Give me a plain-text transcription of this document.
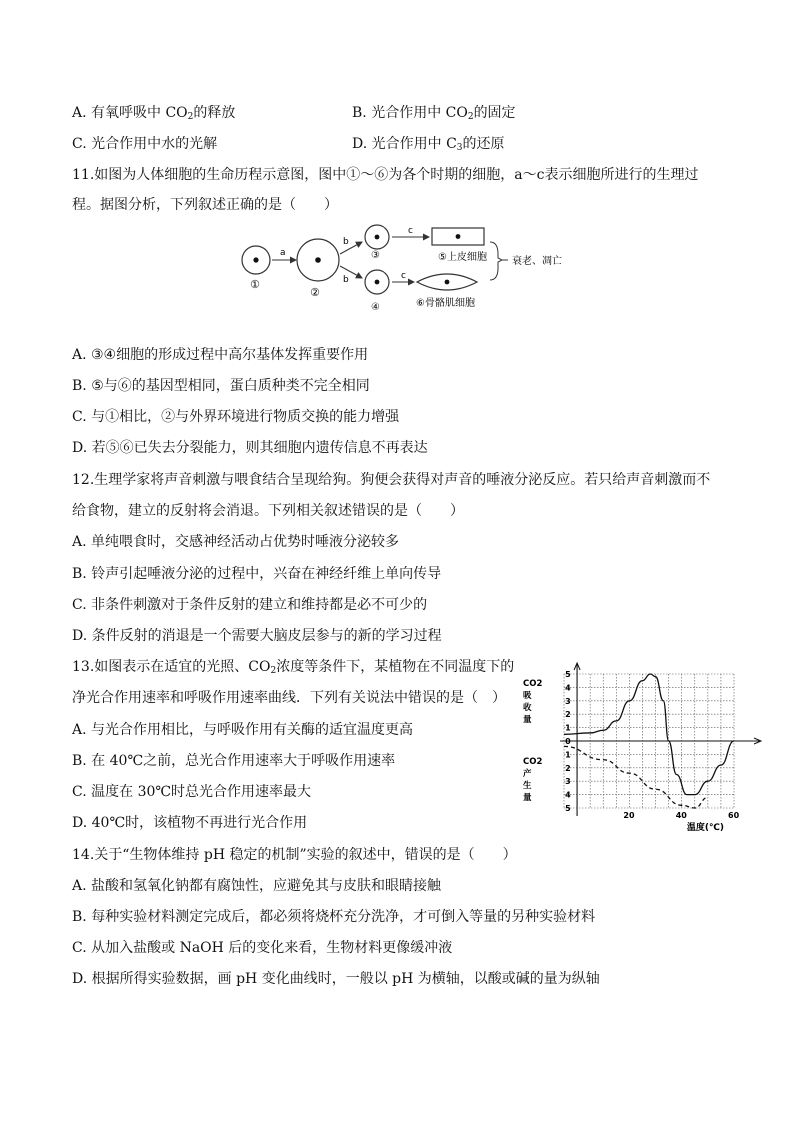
A. 有氧呼吸中 $CO_2$的释放	B. 光合作用中 $CO_2$的固定
C. 光合作用中水的光解	D. 光合作用中 $C_3$的还原
11.如图为人体细胞的生命历程示意图，图中①～⑥为各个时期的细胞，a～c表示细胞所进行的生理过
程。据图分析，下列叙述正确的是（　　）
①
a
②
b
b
③
④
c
c
⑤上皮细胞
⑥骨骼肌细胞
衰老、凋亡
A. ③④细胞的形成过程中高尔基体发挥重要作用
B. ⑤与⑥的基因型相同，蛋白质种类不完全相同
C. 与①相比，②与外界环境进行物质交换的能力增强
D. 若⑤⑥已失去分裂能力，则其细胞内遗传信息不再表达
12.生理学家将声音刺激与喂食结合呈现给狗。狗便会获得对声音的唾液分泌反应。若只给声音刺激而不
给食物，建立的反射将会消退。下列相关叙述错误的是（　　）
A. 单纯喂食时，交感神经活动占优势时唾液分泌较多
B. 铃声引起唾液分泌的过程中，兴奋在神经纤维上单向传导
C. 非条件刺激对于条件反射的建立和维持都是必不可少的
D. 条件反射的消退是一个需要大脑皮层参与的新的学习过程
13.如图表示在适宜的光照、$CO_2$浓度等条件下，某植物在不同温度下的
净光合作用速率和呼吸作用速率曲线．下列有关说法中错误的是（　）
A. 与光合作用相比，与呼吸作用有关酶的适宜温度更高
B. 在 40℃之前，总光合作用速率大于呼吸作用速率
C. 温度在 30℃时总光合作用速率最大
D. 40℃时，该植物不再进行光合作用
5
4
3
2
1
0
1
2
3
4
5
20	40	60
CO2
吸
收
量
CO2
产
生
量
温度(℃)
14.关于“生物体维持 pH 稳定的机制”实验的叙述中，错误的是（　　）
A. 盐酸和氢氧化钠都有腐蚀性，应避免其与皮肤和眼睛接触
B. 每种实验材料测定完成后，都必须将烧杯充分洗净，才可倒入等量的另种实验材料
C. 从加入盐酸或 NaOH 后的变化来看，生物材料更像缓冲液
D. 根据所得实验数据，画 pH 变化曲线时，一般以 pH 为横轴，以酸或碱的量为纵轴
